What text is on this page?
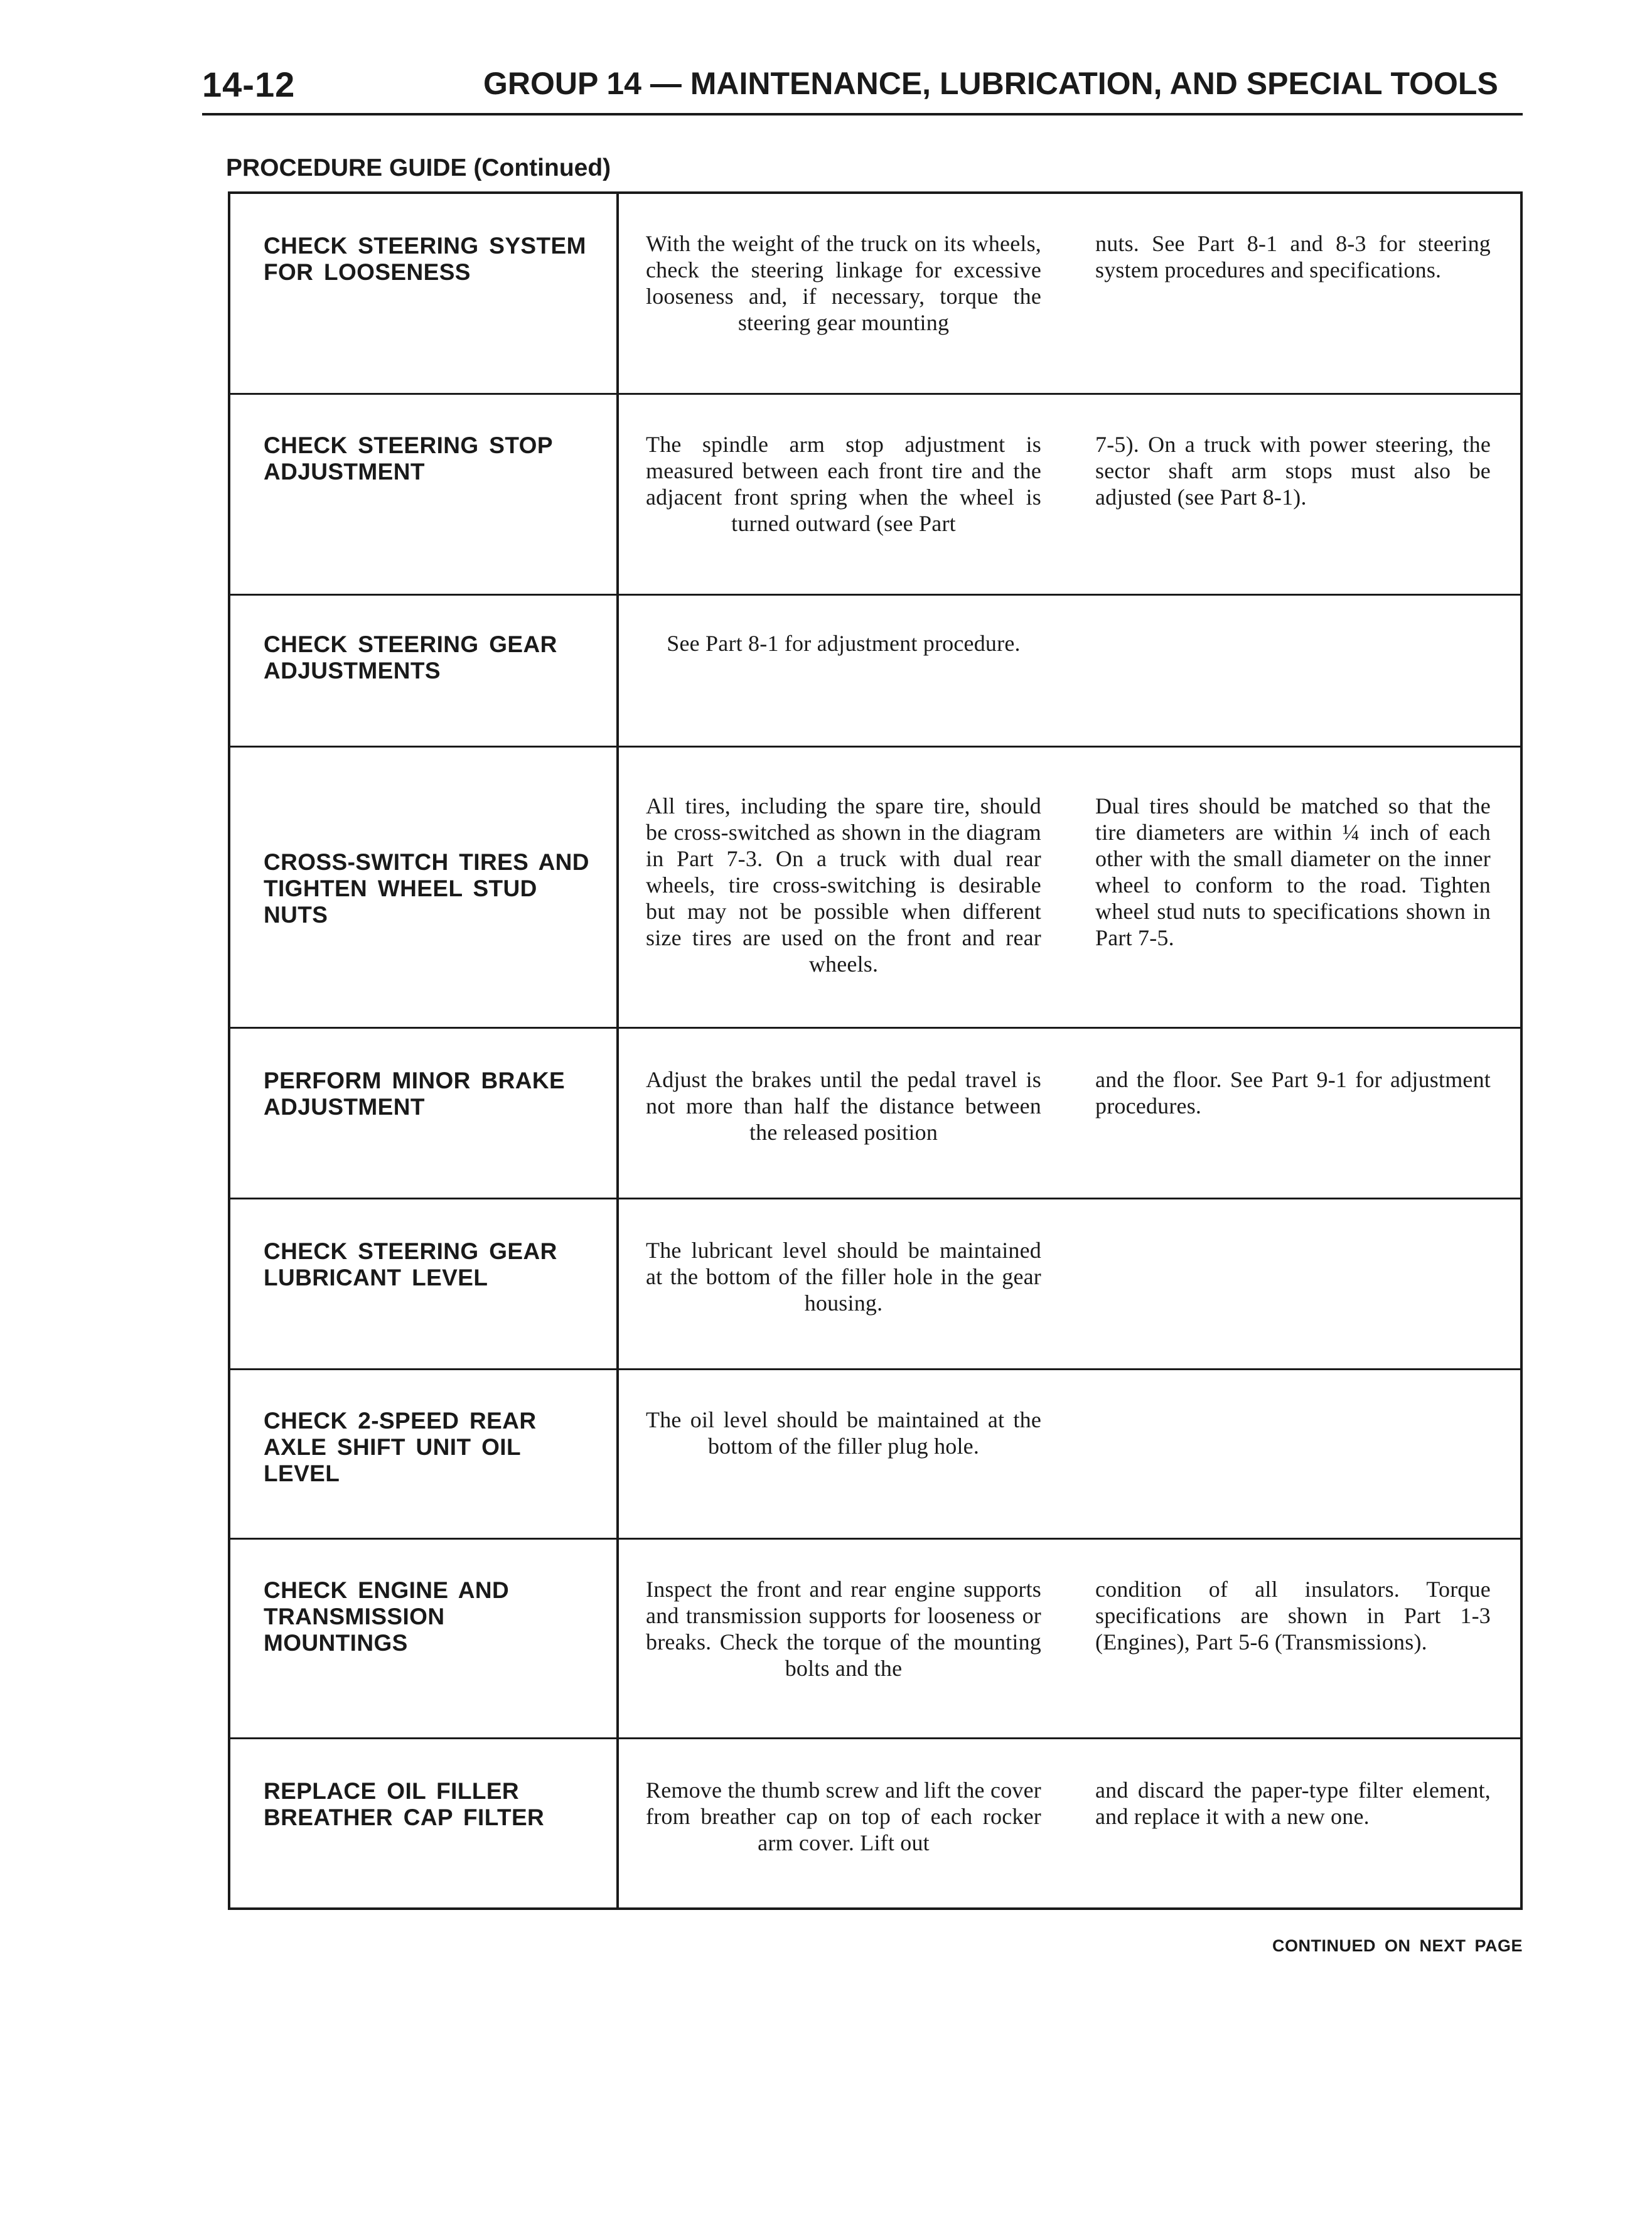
14-12	GROUP 14 — MAINTENANCE, LUBRICATION, AND SPECIAL TOOLS
PROCEDURE GUIDE (Continued)
CHECK STEERING SYSTEM FOR LOOSENESS
With the weight of the truck on its wheels, check the steering linkage for excessive looseness and, if necessary, torque the steering gear mounting
nuts. See Part 8-1 and 8-3 for steering system procedures and specifications.
CHECK STEERING STOP ADJUSTMENT
The spindle arm stop adjustment is measured between each front tire and the adjacent front spring when the wheel is turned outward (see Part
7-5). On a truck with power steering, the sector shaft arm stops must also be adjusted (see Part 8-1).
CHECK STEERING GEAR ADJUSTMENTS
See Part 8-1 for adjustment procedure.
CROSS-SWITCH TIRES AND TIGHTEN WHEEL STUD NUTS
All tires, including the spare tire, should be cross-switched as shown in the diagram in Part 7-3. On a truck with dual rear wheels, tire cross-switching is desirable but may not be possible when different size tires are used on the front and rear wheels.
Dual tires should be matched so that the tire diameters are within ¼ inch of each other with the small diameter on the inner wheel to conform to the road. Tighten wheel stud nuts to specifications shown in Part 7-5.
PERFORM MINOR BRAKE ADJUSTMENT
Adjust the brakes until the pedal travel is not more than half the distance between the released position
and the floor. See Part 9-1 for adjustment procedures.
CHECK STEERING GEAR LUBRICANT LEVEL
The lubricant level should be maintained at the bottom of the filler hole in the gear housing.
CHECK 2-SPEED REAR AXLE SHIFT UNIT OIL LEVEL
The oil level should be maintained at the bottom of the filler plug hole.
CHECK ENGINE AND TRANSMISSION MOUNTINGS
Inspect the front and rear engine supports and transmission supports for looseness or breaks. Check the torque of the mounting bolts and the
condition of all insulators. Torque specifications are shown in Part 1-3 (Engines), Part 5-6 (Transmissions).
REPLACE OIL FILLER BREATHER CAP FILTER
Remove the thumb screw and lift the cover from breather cap on top of each rocker arm cover. Lift out
and discard the paper-type filter element, and replace it with a new one.
CONTINUED ON NEXT PAGE
